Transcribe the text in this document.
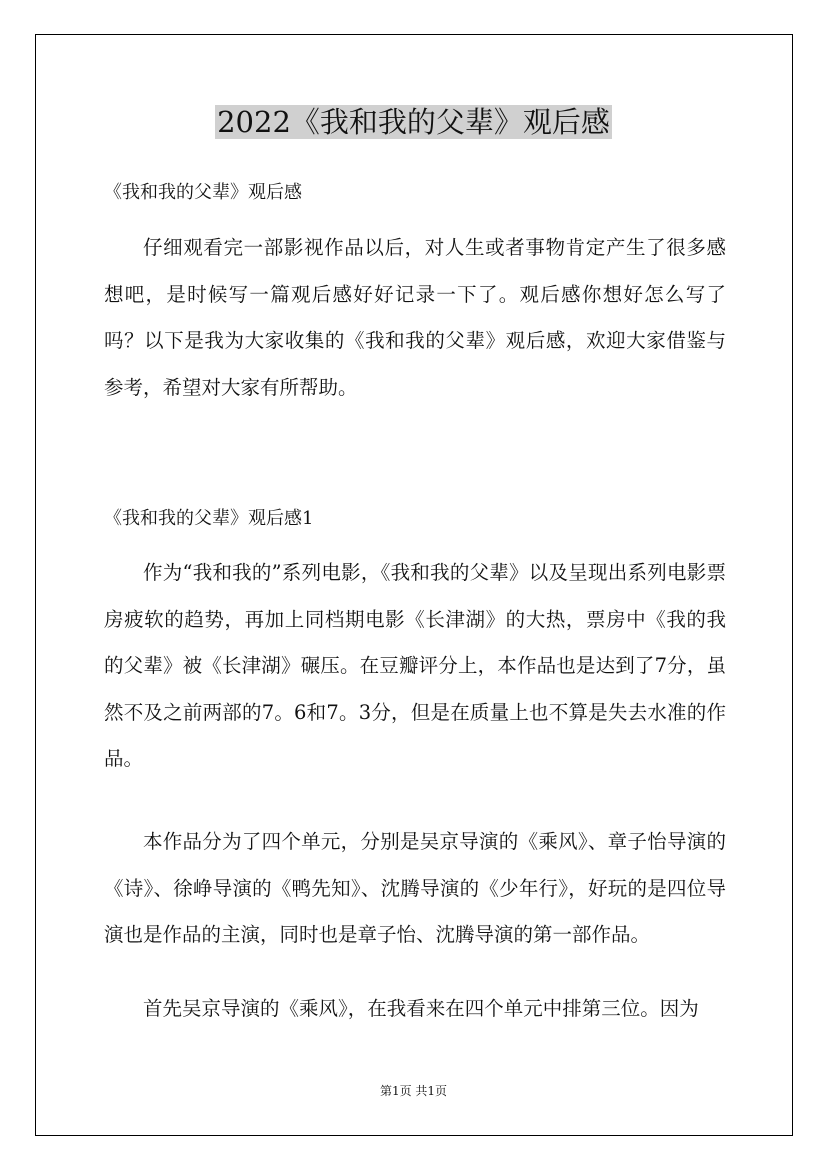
2022《我和我的父辈》观后感

《我和我的父辈》观后感

仔细观看完一部影视作品以后，对人生或者事物肯定产生了很多感想吧，是时候写一篇观后感好好记录一下了。观后感你想好怎么写了吗？以下是我为大家收集的《我和我的父辈》观后感，欢迎大家借鉴与参考，希望对大家有所帮助。

《我和我的父辈》观后感1

作为“我和我的”系列电影，《我和我的父辈》以及呈现出系列电影票房疲软的趋势，再加上同档期电影《长津湖》的大热，票房中《我的我的父辈》被《长津湖》碾压。在豆瓣评分上，本作品也是达到了7分，虽然不及之前两部的7。6和7。3分，但是在质量上也不算是失去水准的作品。

本作品分为了四个单元，分别是吴京导演的《乘风》、章子怡导演的《诗》、徐峥导演的《鸭先知》、沈腾导演的《少年行》，好玩的是四位导演也是作品的主演，同时也是章子怡、沈腾导演的第一部作品。

首先吴京导演的《乘风》，在我看来在四个单元中排第三位。因为

第1页 共1页
